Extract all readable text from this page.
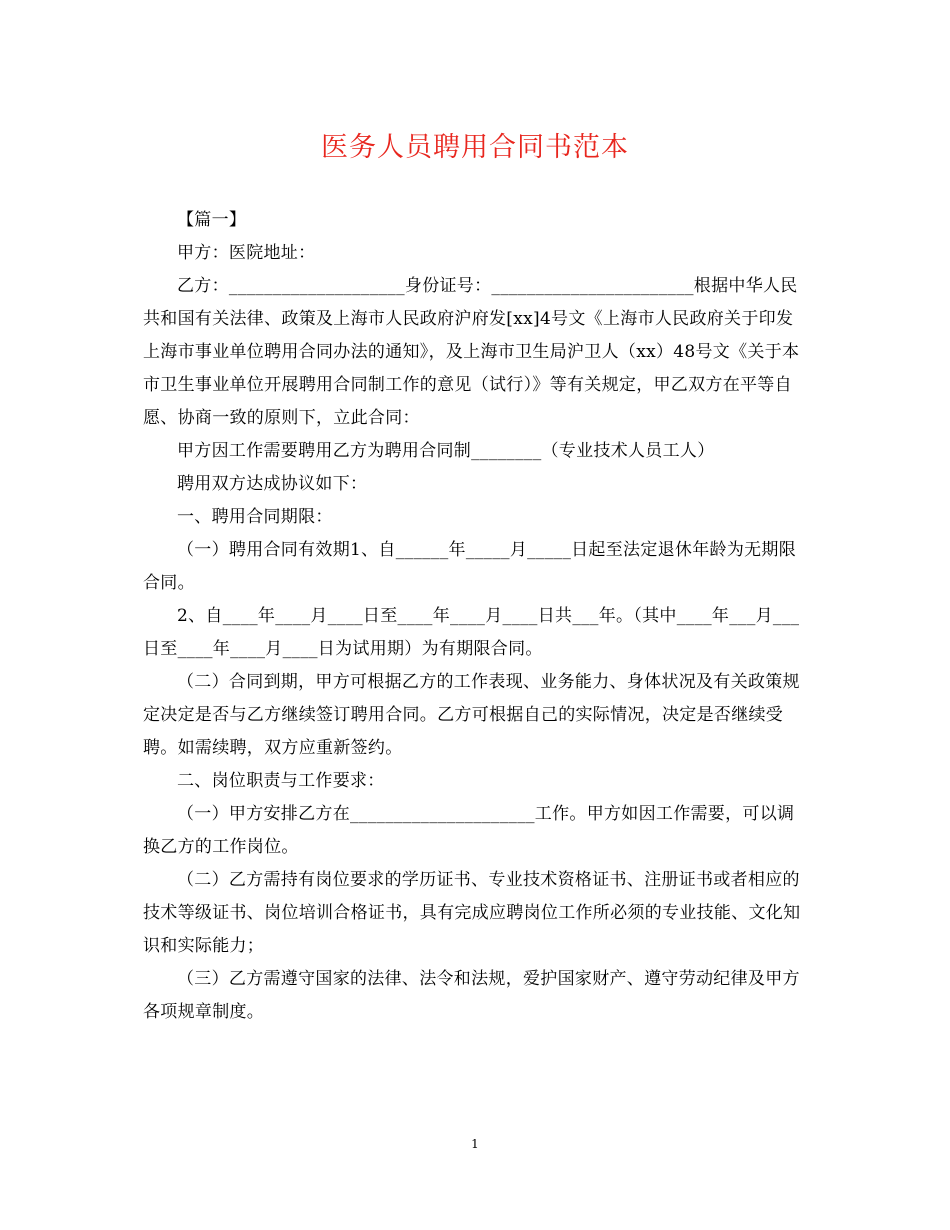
医务人员聘用合同书范本

【篇一】

甲方：医院地址：

乙方：____________________身份证号：_______________________根据中华人民共和国有关法律、政策及上海市人民政府沪府发[xx]4号文《上海市人民政府关于印发上海市事业单位聘用合同办法的通知》，及上海市卫生局沪卫人（xx）48号文《关于本市卫生事业单位开展聘用合同制工作的意见（试行）》等有关规定，甲乙双方在平等自愿、协商一致的原则下，立此合同：

甲方因工作需要聘用乙方为聘用合同制________（专业技术人员工人）

聘用双方达成协议如下：

一、聘用合同期限：

（一）聘用合同有效期1、自______年_____月_____日起至法定退休年龄为无期限合同。

2、自____年____月____日至____年____月____日共___年。（其中____年___月___日至____年____月____日为试用期）为有期限合同。

（二）合同到期，甲方可根据乙方的工作表现、业务能力、身体状况及有关政策规定决定是否与乙方继续签订聘用合同。乙方可根据自己的实际情况，决定是否继续受聘。如需续聘，双方应重新签约。

二、岗位职责与工作要求：

（一）甲方安排乙方在_____________________工作。甲方如因工作需要，可以调换乙方的工作岗位。

（二）乙方需持有岗位要求的学历证书、专业技术资格证书、注册证书或者相应的技术等级证书、岗位培训合格证书，具有完成应聘岗位工作所必须的专业技能、文化知识和实际能力；

（三）乙方需遵守国家的法律、法令和法规，爱护国家财产、遵守劳动纪律及甲方各项规章制度。

1
